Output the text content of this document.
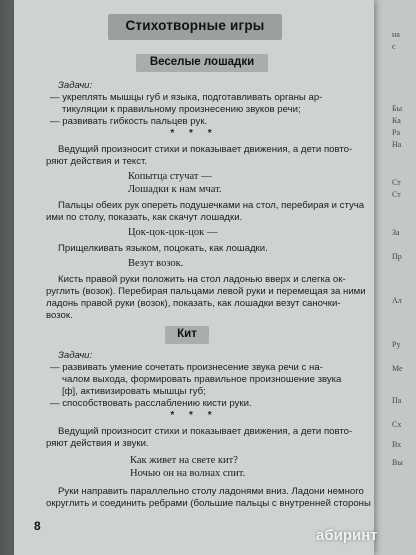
на
с
Бы
Ка
Ра
На
Ст
Ст
За
Пр
Ал
Ру
Ме
Па
Сх
Вх
Вы
Стихотворные игры
Веселые лошадки
Задачи:
— укреплять мышцы губ и языка, подготавливать органы ар-
тикуляции к правильному произнесению звуков речи;
— развивать гибкость пальцев рук.
* * *
Ведущий произносит стихи и показывает движения, а дети повто-
ряют действия и текст.
Копытца стучат —
Лошадки к нам мчат.
Пальцы обеих рук опереть подушечками на стол, перебирая и стуча
ими по столу, показать, как скачут лошадки.
Цок-цок-цок-цок —
Прищелкивать языком, поцокать, как лошадки.
Везут возок.
Кисть правой руки положить на стол ладонью вверх и слегка ок-
руглить (возок). Перебирая пальцами левой руки и перемещая за ними
ладонь правой руки (возок), показать, как лошадки везут саночки-
возок.
Кит
Задачи:
— развивать умение сочетать произнесение звука речи с на-
чалом выхода, формировать правильное произношение звука
[ф], активизировать мышцы губ;
— способствовать расслаблению кисти руки.
* * *
Ведущий произносит стихи и показывает движения, а дети повто-
ряют действия и звуки.
Как живет на свете кит?
Ночью он на волнах спит.
Руки направить параллельно столу ладонями вниз. Ладони немного
округлить и соединить ребрами (большие пальцы с внутренней стороны
8
абиринт
